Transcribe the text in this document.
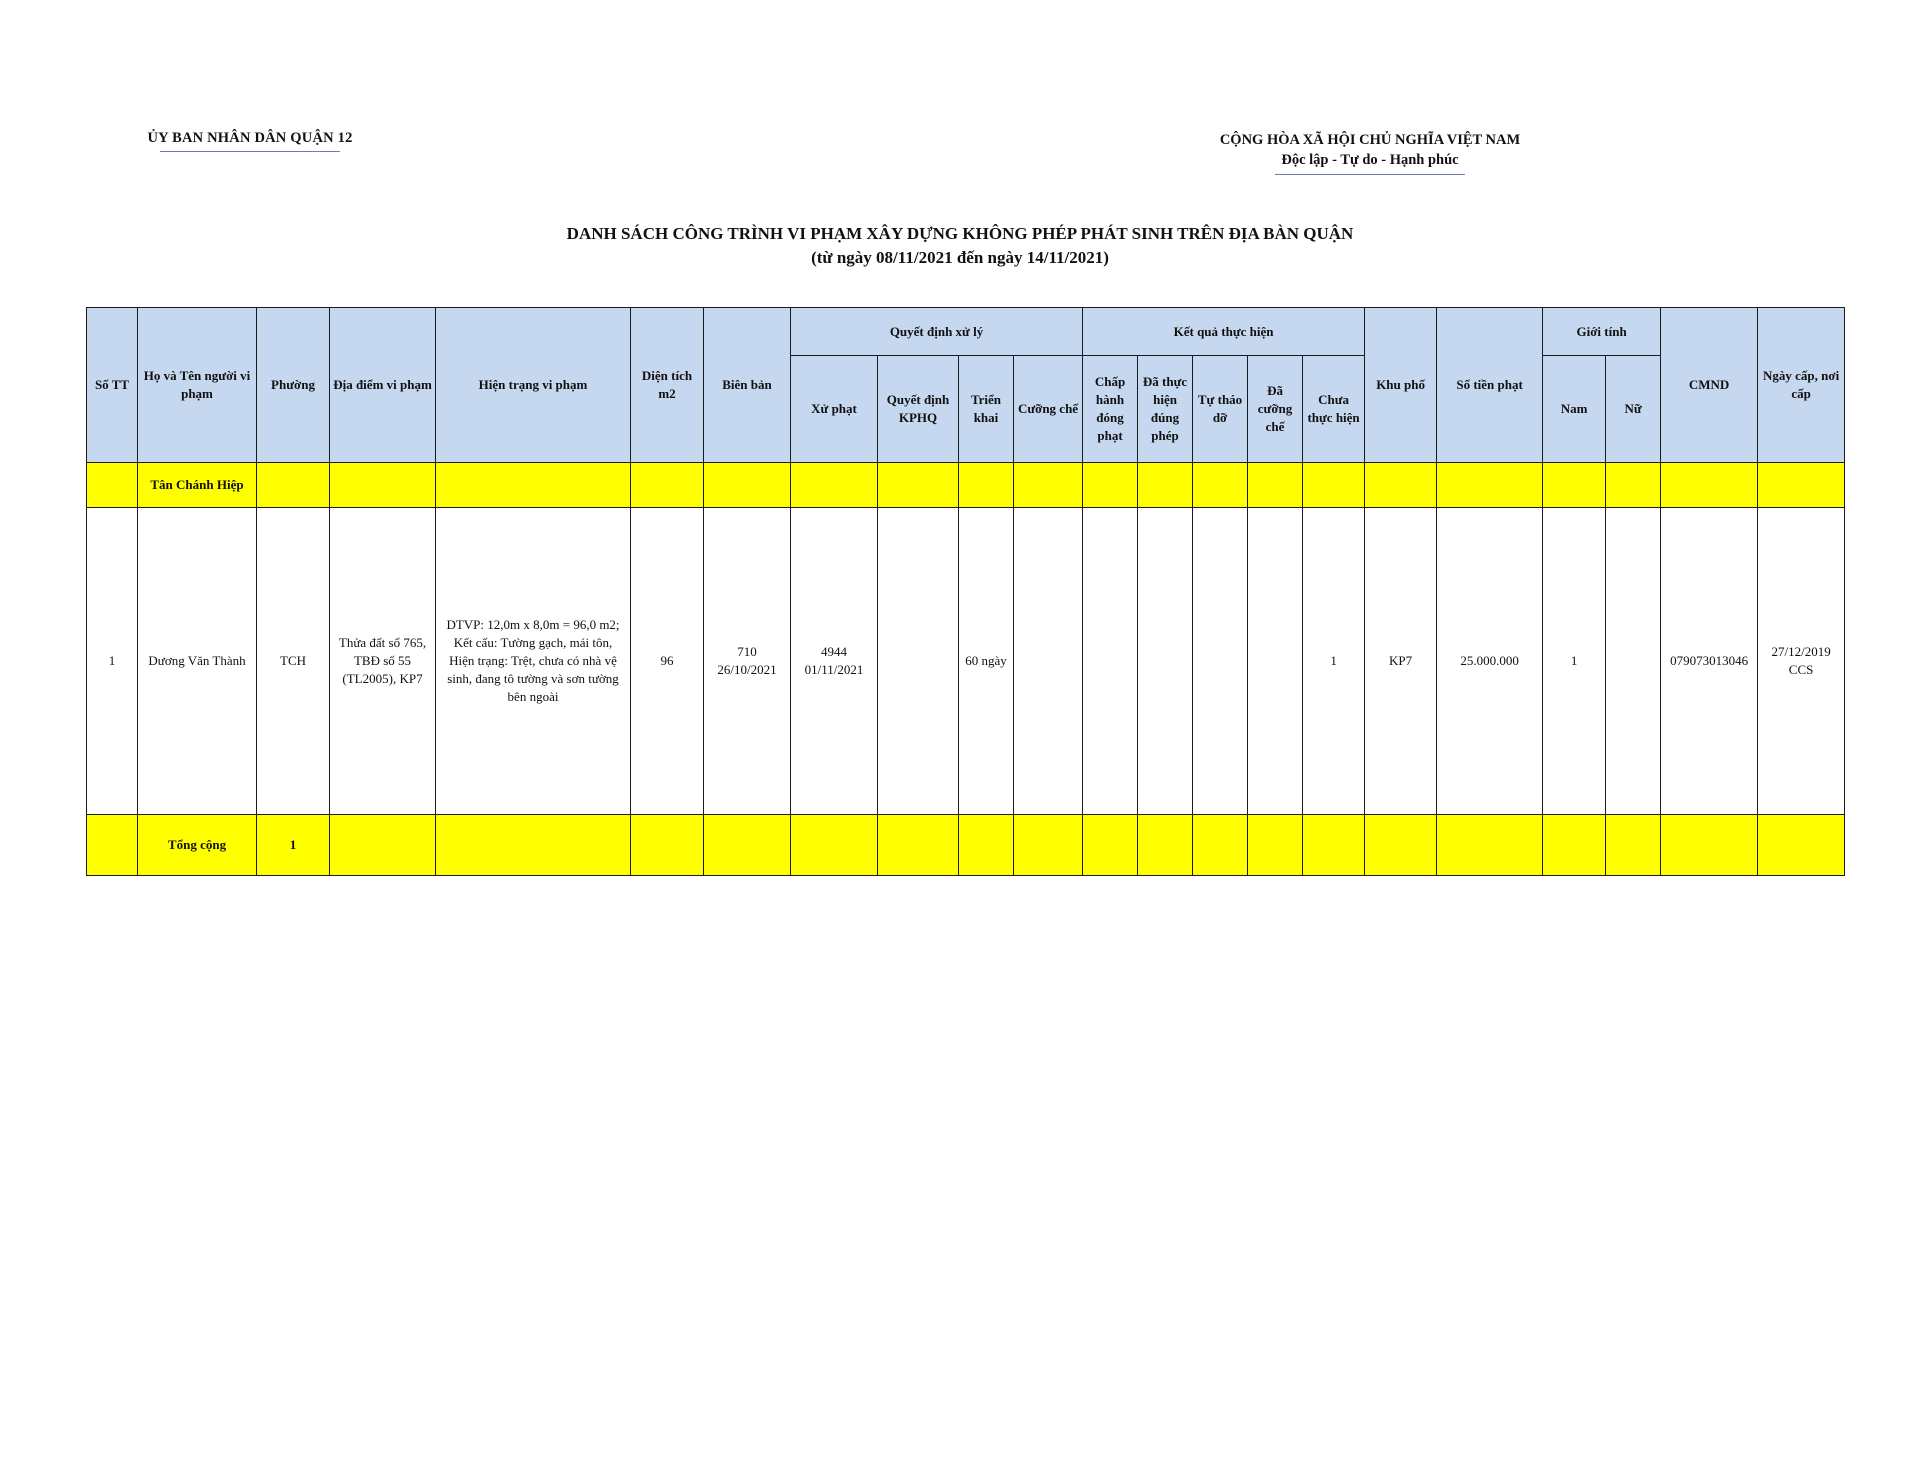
ỦY BAN NHÂN DÂN QUẬN 12	CỘNG HÒA XÃ HỘI CHỦ NGHĨA VIỆT NAM
Độc lập - Tự do - Hạnh phúc
DANH SÁCH CÔNG TRÌNH VI PHẠM XÂY DỰNG KHÔNG PHÉP PHÁT SINH TRÊN ĐỊA BÀN QUẬN
(từ ngày 08/11/2021 đến ngày 14/11/2021)
Số TT	Họ và Tên người vi phạm	Phường	Địa điểm vi phạm	Hiện trạng vi phạm	Diện tích m2	Biên bản	Quyết định xử lý				Kết quả thực hiện					Khu phố	Số tiền phạt	Giới tính		CMND	Ngày cấp, nơi cấp
							Xử phạt	Quyết định KPHQ	Triển khai	Cưỡng chế	Chấp hành đóng phạt	Đã thực hiện đúng phép	Tự tháo dỡ	Đã cưỡng chế	Chưa thực hiện			Nam	Nữ		
	Tân Chánh Hiệp																				
1	Dương Văn Thành	TCH	Thửa đất số 765, TBĐ số 55 (TL2005), KP7	DTVP: 12,0m x 8,0m = 96,0 m2;
Kết cấu: Tường gạch, mái tôn,
Hiện trạng: Trệt, chưa có nhà vệ sinh, đang tô tường và sơn tường bên ngoài	96	710
26/10/2021	4944
01/11/2021		60 ngày						1	KP7	25.000.000	1		079073013046	27/12/2019
CCS
	Tổng cộng	1																			
